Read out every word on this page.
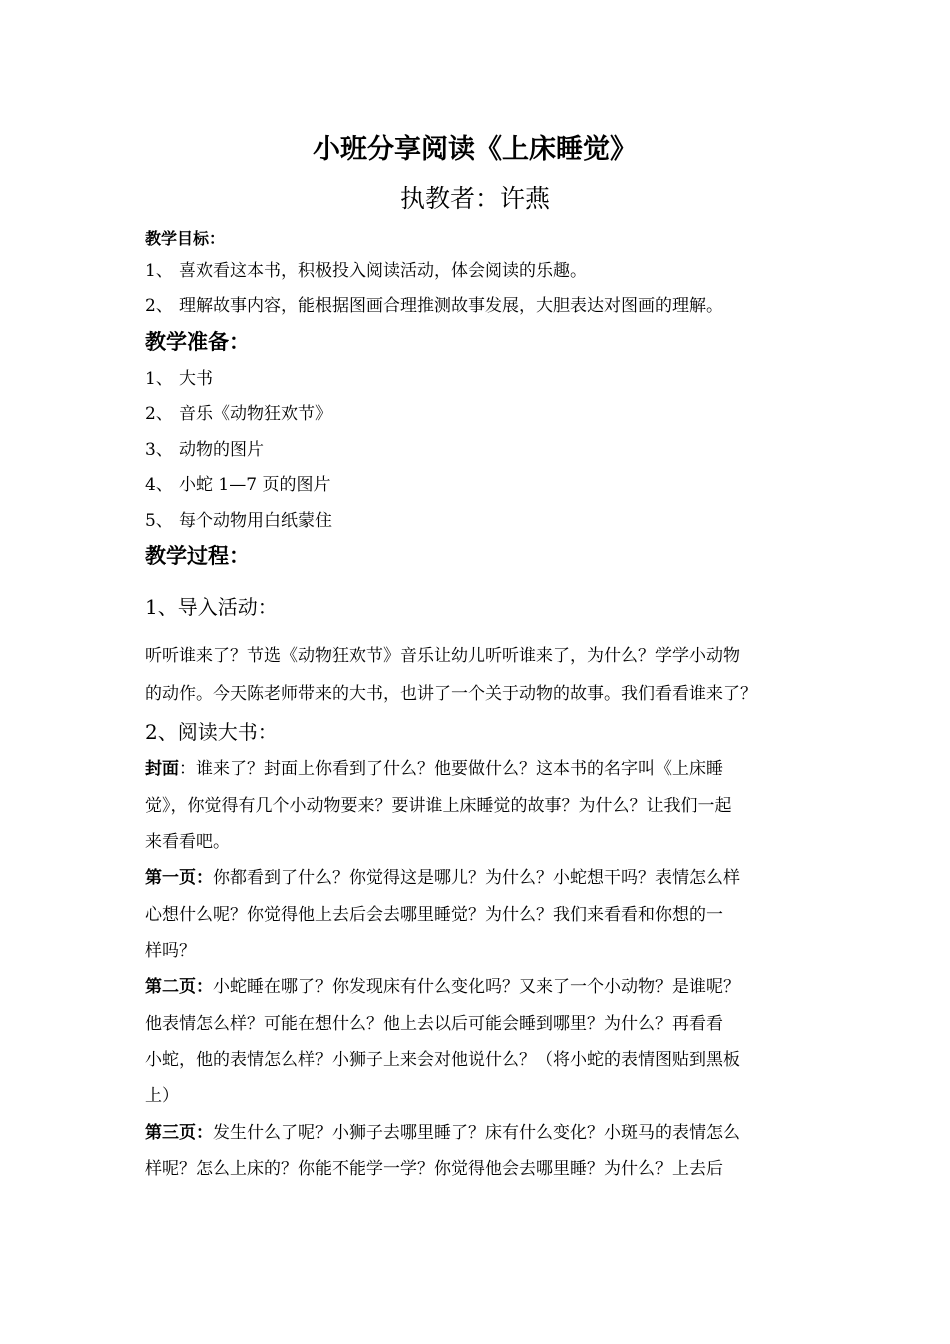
小班分享阅读《上床睡觉》
执教者：许燕
教学目标：
1、 喜欢看这本书，积极投入阅读活动，体会阅读的乐趣。
2、 理解故事内容，能根据图画合理推测故事发展，大胆表达对图画的理解。
教学准备：
1、 大书
2、 音乐《动物狂欢节》
3、 动物的图片
4、 小蛇 1—7 页的图片
5、 每个动物用白纸蒙住
教学过程：
1、导入活动：
听听谁来了？节选《动物狂欢节》音乐让幼儿听听谁来了，为什么？学学小动物
的动作。今天陈老师带来的大书，也讲了一个关于动物的故事。我们看看谁来了？
2、阅读大书：
封面：谁来了？封面上你看到了什么？他要做什么？这本书的名字叫《上床睡
觉》，你觉得有几个小动物要来？要讲谁上床睡觉的故事？为什么？让我们一起
来看看吧。
第一页：你都看到了什么？你觉得这是哪儿？为什么？小蛇想干吗？表情怎么样
心想什么呢？你觉得他上去后会去哪里睡觉？为什么？我们来看看和你想的一
样吗？
第二页：小蛇睡在哪了？你发现床有什么变化吗？又来了一个小动物？是谁呢？
他表情怎么样？可能在想什么？他上去以后可能会睡到哪里？为什么？再看看
小蛇，他的表情怎么样？小狮子上来会对他说什么？（将小蛇的表情图贴到黑板
上）
第三页：发生什么了呢？小狮子去哪里睡了？床有什么变化？小斑马的表情怎么
样呢？怎么上床的？你能不能学一学？你觉得他会去哪里睡？为什么？上去后
